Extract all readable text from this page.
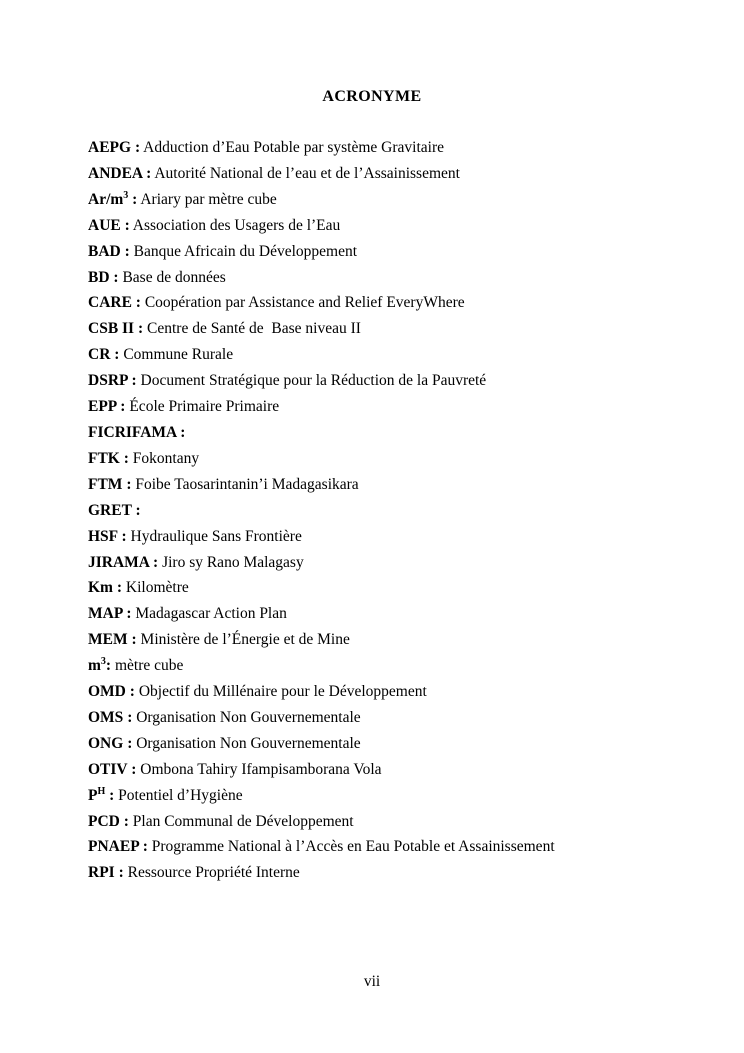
ACRONYME
AEPG : Adduction d’Eau Potable par système Gravitaire
ANDEA : Autorité National de l’eau et de l’Assainissement
$Ar/m^3$ : Ariary par mètre cube
AUE : Association des Usagers de l’Eau
BAD : Banque Africain du Développement
BD : Base de données
CARE : Coopération par Assistance and Relief EveryWhere
CSB II : Centre de Santé de  Base niveau II
CR : Commune Rurale
DSRP : Document Stratégique pour la Réduction de la Pauvreté
EPP : École Primaire Primaire
FICRIFAMA :
FTK : Fokontany
FTM : Foibe Taosarintanin’i Madagasikara
GRET :
HSF : Hydraulique Sans Frontière
JIRAMA : Jiro sy Rano Malagasy
Km : Kilomètre
MAP : Madagascar Action Plan
MEM : Ministère de l’Énergie et de Mine
$m^3$: mètre cube
OMD : Objectif du Millénaire pour le Développement
OMS : Organisation Non Gouvernementale
ONG : Organisation Non Gouvernementale
OTIV : Ombona Tahiry Ifampisamborana Vola
$P^H$ : Potentiel d’Hygiène
PCD : Plan Communal de Développement
PNAEP : Programme National à l’Accès en Eau Potable et Assainissement
RPI : Ressource Propriété Interne
vii
